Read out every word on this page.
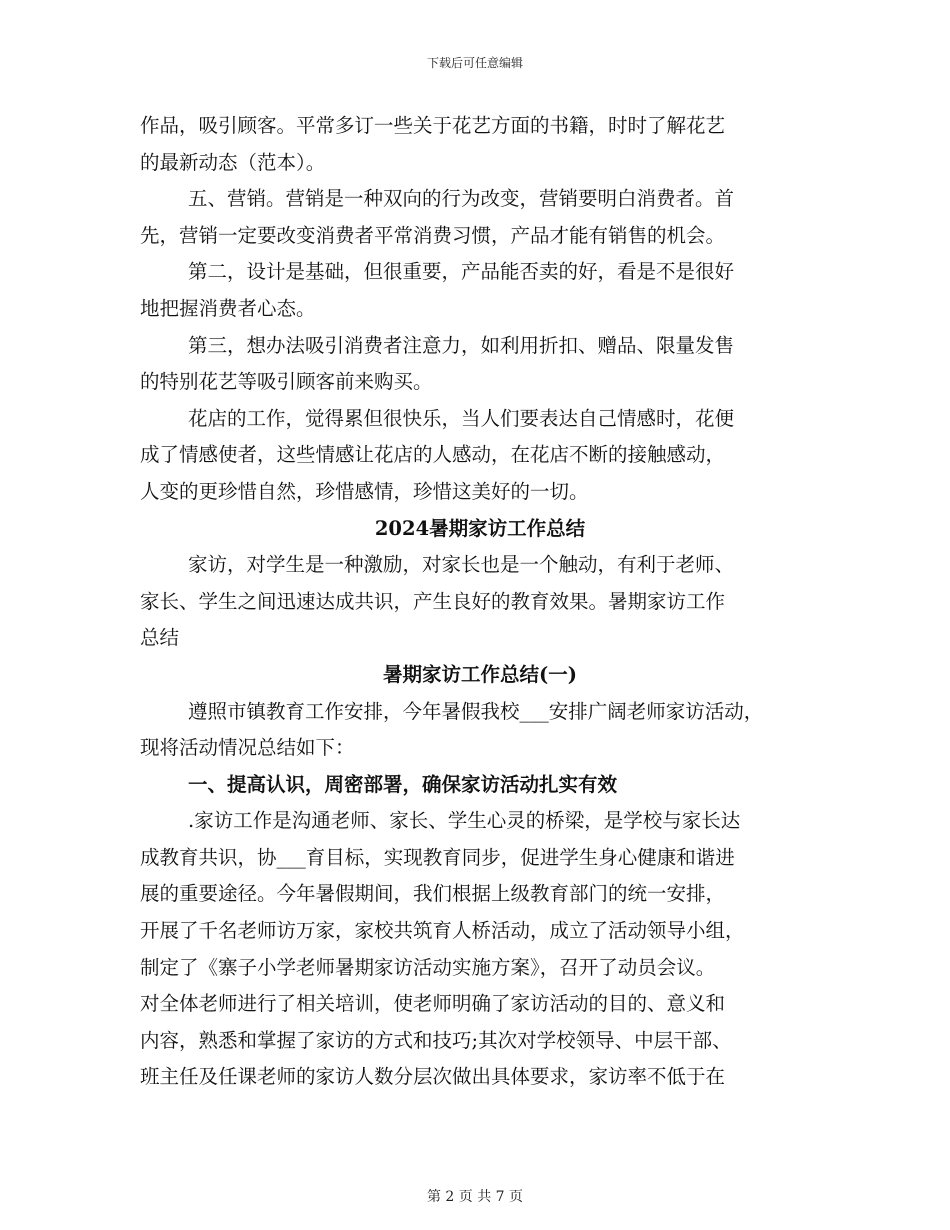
下载后可任意编辑
作品，吸引顾客。平常多订一些关于花艺方面的书籍，时时了解花艺
的最新动态（范本）。
五、营销。营销是一种双向的行为改变，营销要明白消费者。首
先，营销一定要改变消费者平常消费习惯，产品才能有销售的机会。
第二，设计是基础，但很重要，产品能否卖的好，看是不是很好
地把握消费者心态。
第三，想办法吸引消费者注意力，如利用折扣、赠品、限量发售
的特别花艺等吸引顾客前来购买。
花店的工作，觉得累但很快乐，当人们要表达自己情感时，花便
成了情感使者，这些情感让花店的人感动，在花店不断的接触感动，
人变的更珍惜自然，珍惜感情，珍惜这美好的一切。
2024暑期家访工作总结
家访，对学生是一种激励，对家长也是一个触动，有利于老师、
家长、学生之间迅速达成共识，产生良好的教育效果。暑期家访工作
总结
暑期家访工作总结(一)
遵照市镇教育工作安排，今年暑假我校___安排广阔老师家访活动，
现将活动情况总结如下：
一、提高认识，周密部署，确保家访活动扎实有效
.家访工作是沟通老师、家长、学生心灵的桥梁，是学校与家长达
成教育共识，协___育目标，实现教育同步，促进学生身心健康和谐进
展的重要途径。今年暑假期间，我们根据上级教育部门的统一安排，
开展了千名老师访万家，家校共筑育人桥活动，成立了活动领导小组，
制定了《寨子小学老师暑期家访活动实施方案》，召开了动员会议。
对全体老师进行了相关培训，使老师明确了家访活动的目的、意义和
内容，熟悉和掌握了家访的方式和技巧;其次对学校领导、中层干部、
班主任及任课老师的家访人数分层次做出具体要求，家访率不低于在
第 2 页 共 7 页
